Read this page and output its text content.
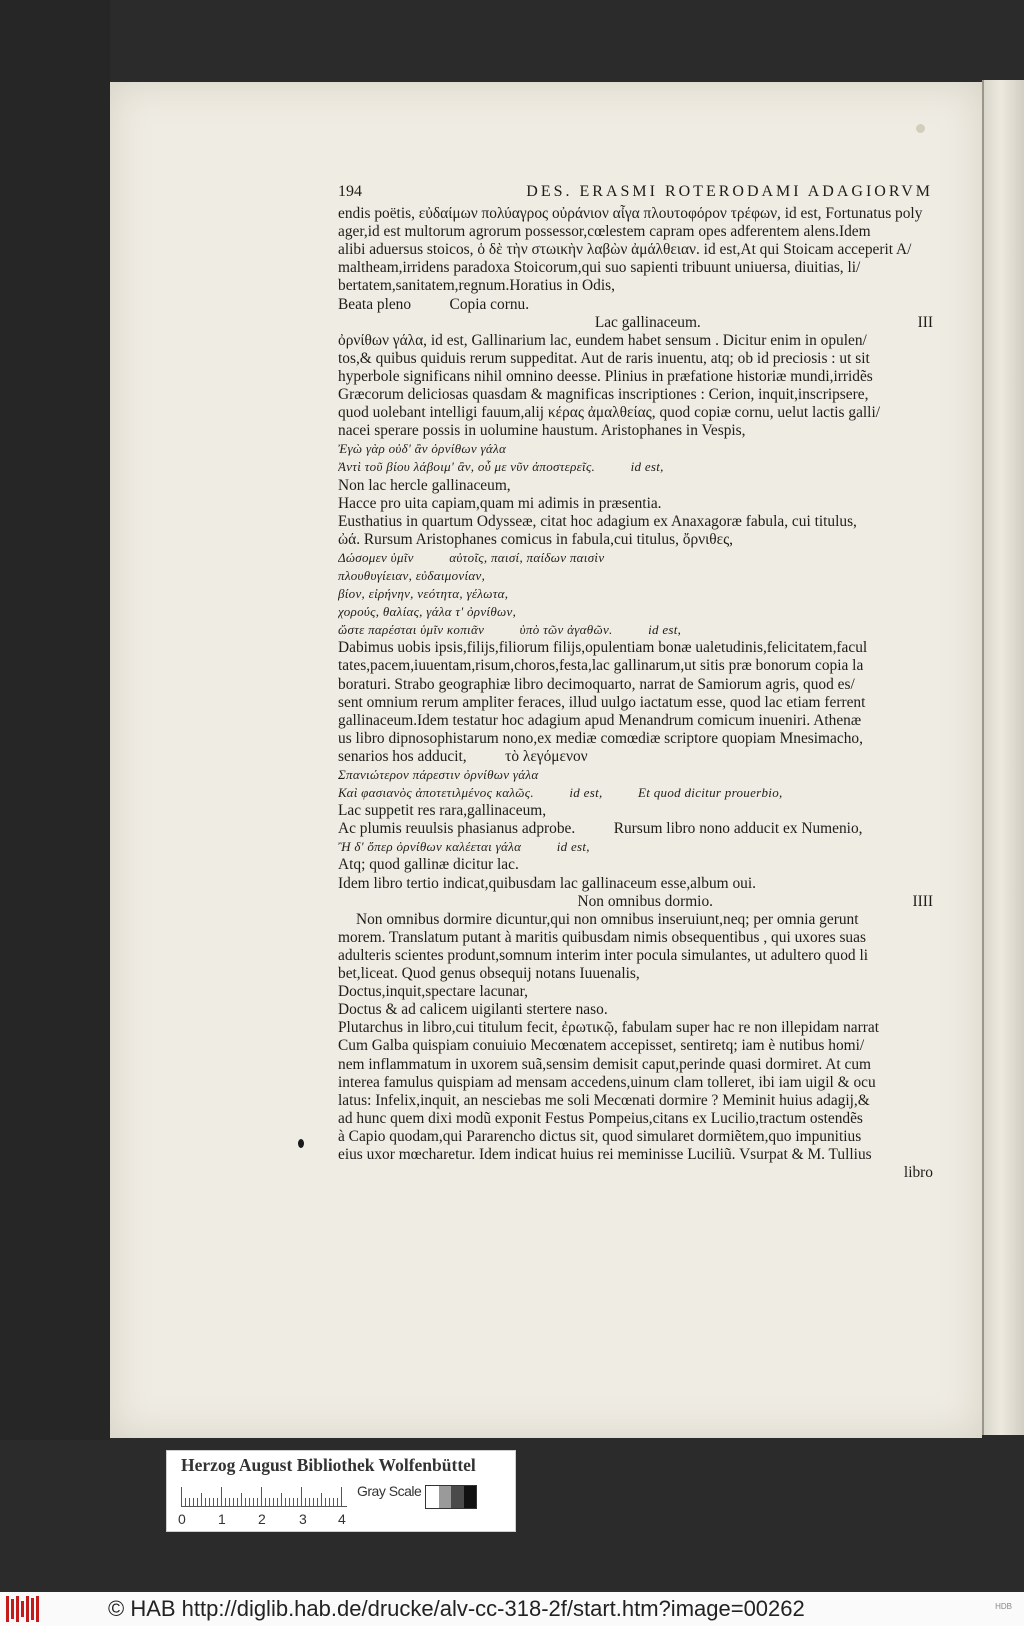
194	DES. ERASMI ROTERODAMI ADAGIORVM
endis poëtis, εὐδαίμων πολύαγρος οὐράνιον αἶγα πλουτοφόρον τρέφων, id est, Fortunatus poly
ager,id est multorum agrorum possessor,cœlestem capram opes adferentem alens.Idem
alibi aduersus stoicos, ὁ δὲ τὴν στωικὴν λαβὼν ἀμάλθειαν. id est,At qui Stoicam acceperit A/
maltheam,irridens paradoxa Stoicorum,qui suo sapienti tribuunt uniuersa, diuitias, li/
bertatem,sanitatem,regnum.Horatius in Odis,
Beata pleno          Copia cornu.
Lac gallinaceum.	III
ὀρνίθων γάλα, id est, Gallinarium lac, eundem habet sensum . Dicitur enim in opulen/
tos,& quibus quiduis rerum suppeditat. Aut de raris inuentu, atq; ob id preciosis : ut sit
hyperbole significans nihil omnino deesse. Plinius in præfatione historiæ mundi,irridẽs
Græcorum deliciosas quasdam & magnificas inscriptiones : Cerion, inquit,inscripsere,
quod uolebant intelligi fauum,alij κέρας ἀμαλθείας, quod copiæ cornu, uelut lactis galli/
nacei sperare possis in uolumine haustum. Aristophanes in Vespis,
Ἐγὼ γὰρ οὐδ' ἂν ὀρνίθων γάλα
Ἀντὶ τοῦ βίου λάβοιμ' ἂν, οὗ με νῦν ἀποστερεῖς.          id est,
Non lac hercle gallinaceum,
Hacce pro uita capiam,quam mi adimis in præsentia.
Eusthatius in quartum Odysseæ, citat hoc adagium ex Anaxagoræ fabula, cui titulus,
ὠά. Rursum Aristophanes comicus in fabula,cui titulus, ὄρνιθες,
Δώσομεν ὑμῖν          αὐτοῖς, παισί, παίδων παισὶν
πλουθυγίειαν, εὐδαιμονίαν,
βίον, εἰρήνην, νεότητα, γέλωτα,
χορούς, θαλίας, γάλα τ' ὀρνίθων,
ὥστε παρέσται ὑμῖν κοπιᾶν          ὑπὸ τῶν ἀγαθῶν.          id est,
Dabimus uobis ipsis,filijs,filiorum filijs,opulentiam bonæ ualetudinis,felicitatem,facul
tates,pacem,iuuentam,risum,choros,festa,lac gallinarum,ut sitis præ bonorum copia la
boraturi. Strabo geographiæ libro decimoquarto, narrat de Samiorum agris, quod es/
sent omnium rerum ampliter feraces, illud uulgo iactatum esse, quod lac etiam ferrent
gallinaceum.Idem testatur hoc adagium apud Menandrum comicum inueniri. Athenæ
us libro dipnosophistarum nono,ex mediæ comœdiæ scriptore quopiam Mnesimacho,
senarios hos adducit,          τὸ λεγόμενον
Σπανιώτερον πάρεστιν ὀρνίθων γάλα
Καὶ φασιανὸς ἀποτετιλμένος καλῶς.          id est,          Et quod dicitur prouerbio,
Lac suppetit res rara,gallinaceum,
Ac plumis reuulsis phasianus adprobe.          Rursum libro nono adducit ex Numenio,
Ἢ δ' ὅπερ ὀρνίθων καλέεται γάλα          id est,
Atq; quod gallinæ dicitur lac.
Idem libro tertio indicat,quibusdam lac gallinaceum esse,album oui.
Non omnibus dormio.	IIII
Non omnibus dormire dicuntur,qui non omnibus inseruiunt,neq; per omnia gerunt
morem. Translatum putant à maritis quibusdam nimis obsequentibus , qui uxores suas
adulteris scientes produnt,somnum interim inter pocula simulantes, ut adultero quod li
bet,liceat. Quod genus obsequij notans Iuuenalis,
Doctus,inquit,spectare lacunar,
Doctus & ad calicem uigilanti stertere naso.
Plutarchus in libro,cui titulum fecit, ἐρωτικῷ, fabulam super hac re non illepidam narrat
Cum Galba quispiam conuiuio Mecœnatem accepisset, sentiretq; iam è nutibus homi/
nem inflammatum in uxorem suã,sensim demisit caput,perinde quasi dormiret. At cum
interea famulus quispiam ad mensam accedens,uinum clam tolleret, ibi iam uigil & ocu
latus: Infelix,inquit, an nesciebas me soli Mecœnati dormire ? Meminit huius adagij,&
ad hunc quem dixi modũ exponit Festus Pompeius,citans ex Lucilio,tractum ostendẽs
à Capio quodam,qui Pararencho dictus sit, quod simularet dormiẽtem,quo impunitius
eius uxor mœcharetur. Idem indicat huius rei meminisse Luciliũ. Vsurpat & M. Tullius
libro
Herzog August Bibliothek Wolfenbüttel
0 1 2 3 4
Gray Scale
© HAB http://diglib.hab.de/drucke/alv-cc-318-2f/start.htm?image=00262	HDB
